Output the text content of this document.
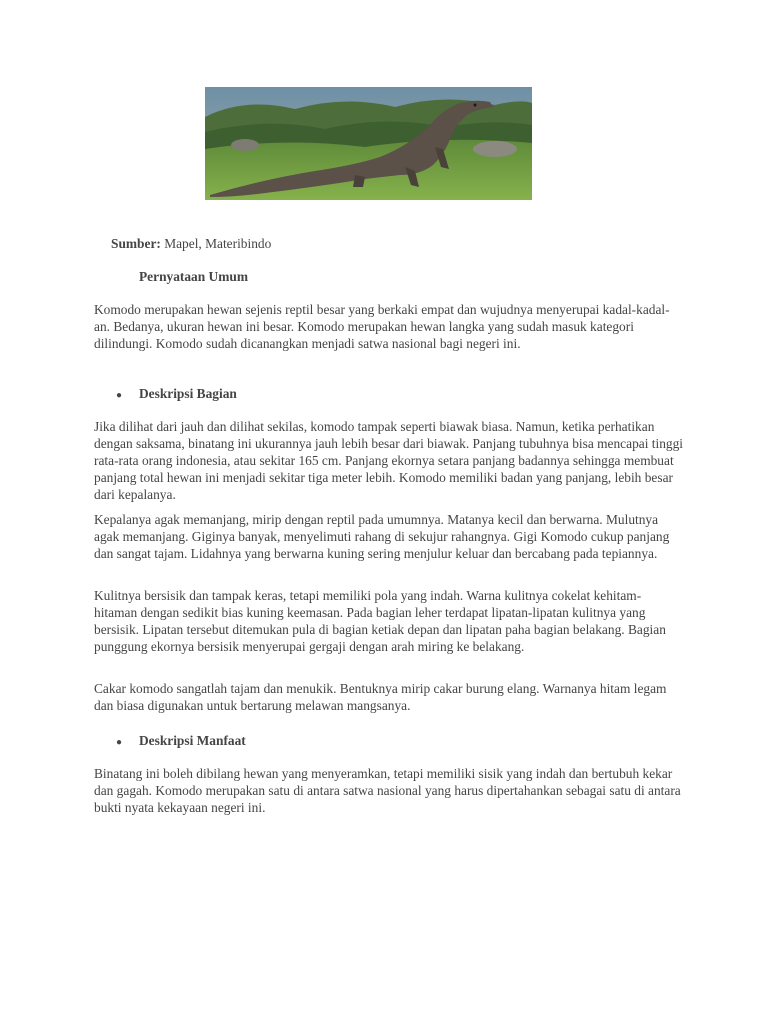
Sumber: Mapel, Materibindo
Pernyataan Umum

Komodo merupakan hewan sejenis reptil besar yang berkaki empat dan wujudnya menyerupai kadal-kadal-an. Bedanya, ukuran hewan ini besar. Komodo merupakan hewan langka yang sudah masuk kategori dilindungi. Komodo sudah dicanangkan menjadi satwa nasional bagi negeri ini.

● Deskripsi Bagian

Jika dilihat dari jauh dan dilihat sekilas, komodo tampak seperti biawak biasa. Namun, ketika perhatikan dengan saksama, binatang ini ukurannya jauh lebih besar dari biawak. Panjang tubuhnya bisa mencapai tinggi rata-rata orang indonesia, atau sekitar 165 cm. Panjang ekornya setara panjang badannya sehingga membuat panjang total hewan ini menjadi sekitar tiga meter lebih. Komodo memiliki badan yang panjang, lebih besar dari kepalanya.

Kepalanya agak memanjang, mirip dengan reptil pada umumnya. Matanya kecil dan berwarna. Mulutnya agak memanjang. Giginya banyak, menyelimuti rahang di sekujur rahangnya. Gigi Komodo cukup panjang dan sangat tajam. Lidahnya yang berwarna kuning sering menjulur keluar dan bercabang pada tepiannya.

Kulitnya bersisik dan tampak keras, tetapi memiliki pola yang indah. Warna kulitnya cokelat kehitam-hitaman dengan sedikit bias kuning keemasan. Pada bagian leher terdapat lipatan-lipatan kulitnya yang bersisik. Lipatan tersebut ditemukan pula di bagian ketiak depan dan lipatan paha bagian belakang. Bagian punggung ekornya bersisik menyerupai gergaji dengan arah miring ke belakang.

Cakar komodo sangatlah tajam dan menukik. Bentuknya mirip cakar burung elang. Warnanya hitam legam dan biasa digunakan untuk bertarung melawan mangsanya.

● Deskripsi Manfaat

Binatang ini boleh dibilang hewan yang menyeramkan, tetapi memiliki sisik yang indah dan bertubuh kekar dan gagah. Komodo merupakan satu di antara satwa nasional yang harus dipertahankan sebagai satu di antara bukti nyata kekayaan negeri ini.
